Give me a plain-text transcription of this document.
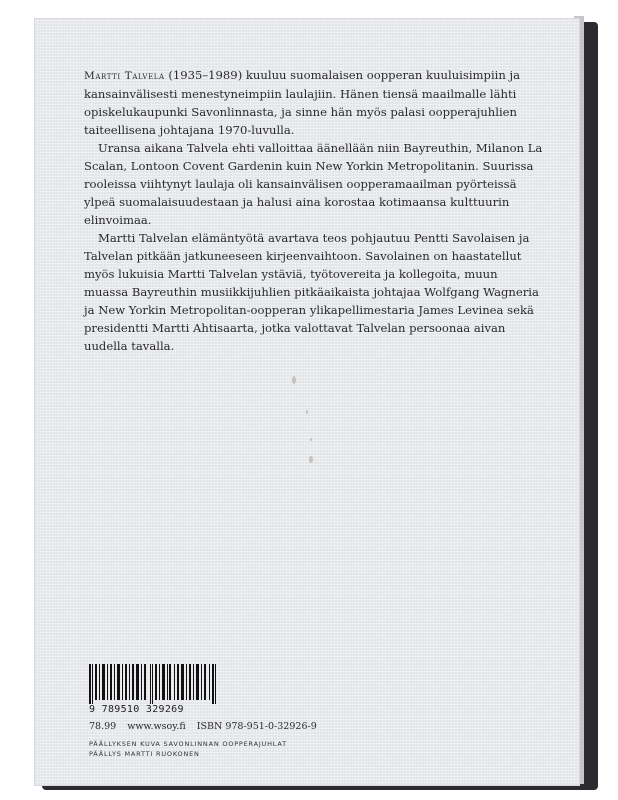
Martti Talvela (1935–1989) kuuluu suomalaisen oopperan kuuluisimpiin ja kansainvälisesti menestyneimpiin laulajiin. Hänen tiensä maailmalle lähti opiskelukaupunki Savonlinnasta, ja sinne hän myös palasi oopperajuhlien taiteellisena johtajana 1970-luvulla.

Uransa aikana Talvela ehti valloittaa äänellään niin Bayreuthin, Milanon La Scalan, Lontoon Covent Gardenin kuin New Yorkin Metropolitanin. Suurissa rooleissa viihtynyt laulaja oli kansainvälisen oopperamaailman pyörteissä ylpeä suomalaisuudestaan ja halusi aina korostaa kotimaansa kulttuurin elinvoimaa.

Martti Talvelan elämäntyötä avartava teos pohjautuu Pentti Savolaisen ja Talvelan pitkään jatkuneeseen kirjeenvaihtoon. Savolainen on haastatellut myös lukuisia Martti Talvelan ystäviä, työtovereita ja kollegoita, muun muassa Bayreuthin musiikkijuhlien pitkäaikaista johtajaa Wolfgang Wagneria ja New Yorkin Metropolitan-oopperan ylikapellimestaria James Levinea sekä presidentti Martti Ahtisaarta, jotka valottavat Talvelan persoonaa aivan uudella tavalla.

9 789510 329269
78.99 www.wsoy.fi ISBN 978-951-0-32926-9
PÄÄLLYKSEN KUVA SAVONLINNAN OOPPERAJUHLAT
PÄÄLLYS MARTTI RUOKONEN
